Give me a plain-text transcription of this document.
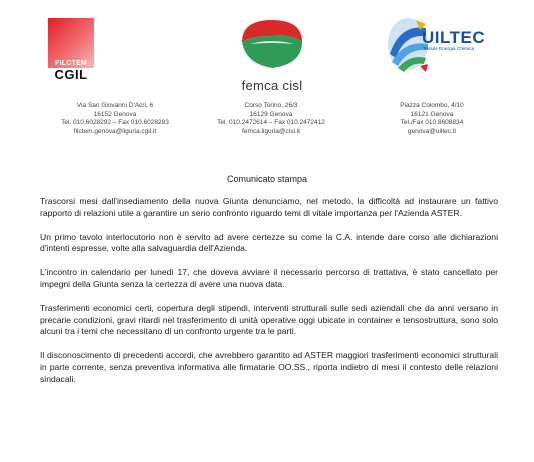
FILCTEM
CGIL
femca cisl
UILTEC
Tessile Energia Chimica
Via San Giovanni D'Acri, 6
16152 Genova
Tel. 010.6028292 – Fax 010.6028293
filctem.genova@liguria.cgil.it
Corso Torino, 26/3
16129 Genova
Tel. 010.2472614 – Fax 010.2472412
femca.liguria@cisl.it
Piazza Colombo, 4/10
16121 Genova
Tel./Fax 010.8608834
genova@uiltec.it
Comunicato stampa

Trascorsi mesi dall'insediamento della nuova Giunta denunciamo, nel metodo, la difficoltà ad instaurare un fattivo rapporto di relazioni utile a garantire un serio confronto riguardo temi di vitale importanza per l'Azienda ASTER.

Un primo tavolo interlocutorio non è servito ad avere certezze su come la C.A. intende dare corso alle dichiarazioni d'intenti espresse, volte alla salvaguardia dell'Azienda.

L'incontro in calendario per lunedì 17, che doveva avviare il necessario percorso di trattativa, è stato cancellato per impegni della Giunta senza la certezza di avere una nuova data.

Trasferimenti economici certi, copertura degli stipendi, interventi strutturali sulle sedi aziendali che da anni versano in precarie condizioni, gravi ritardi nel trasferimento di unità operative oggi ubicate in container e tensostruttura, sono solo alcuni tra i temi che necessitano di un confronto urgente tra le parti.

Il disconoscimento di precedenti accordi, che avrebbero garantito ad ASTER maggiori trasferimenti economici strutturali in parte corrente, senza preventiva informativa alle firmatarie OO.SS., riporta indietro di mesi il contesto delle relazioni sindacali.
